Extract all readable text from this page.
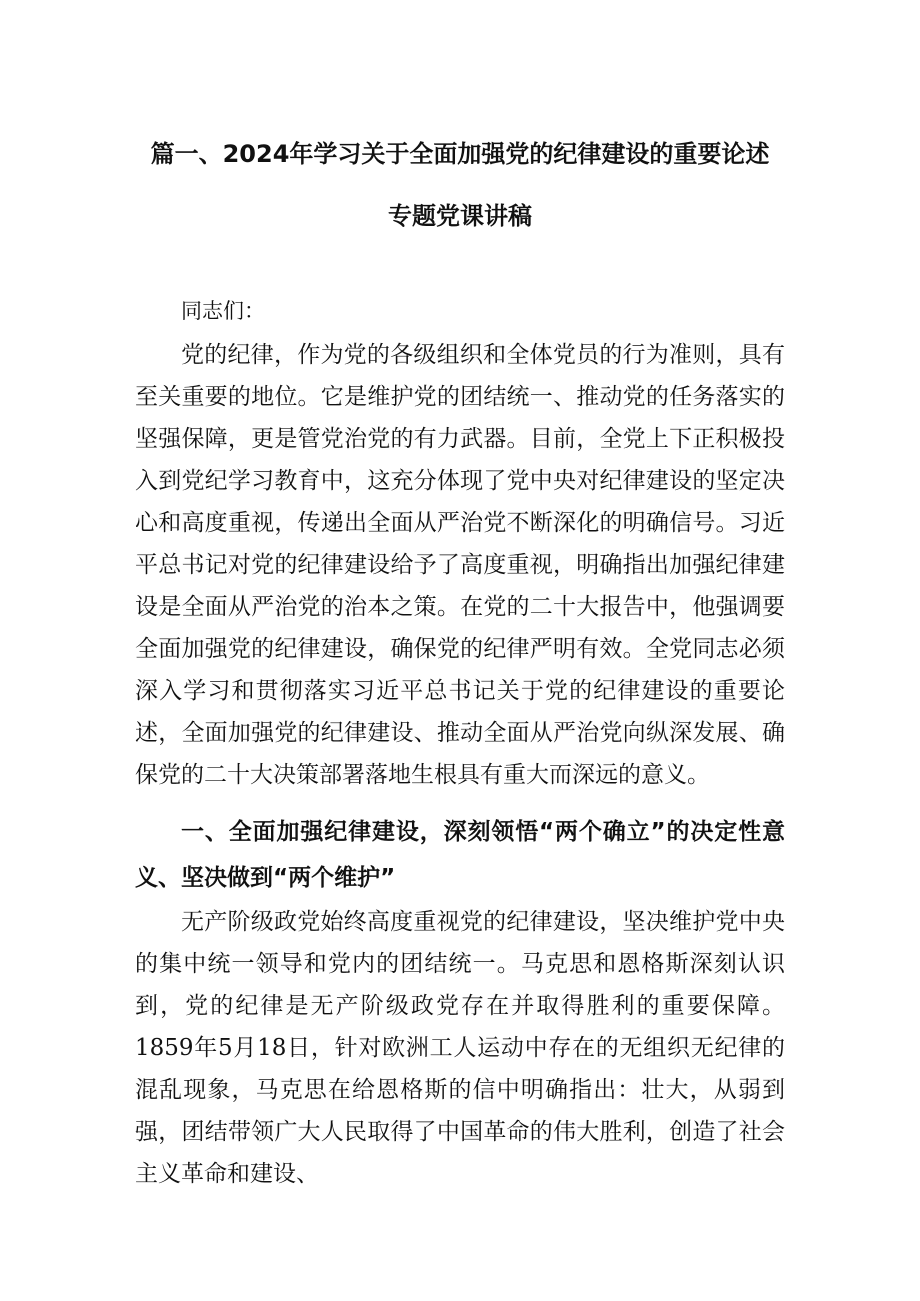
篇一、2024年学习关于全面加强党的纪律建设的重要论述
专题党课讲稿
同志们：

党的纪律，作为党的各级组织和全体党员的行为准则，具有至关重要的地位。它是维护党的团结统一、推动党的任务落实的坚强保障，更是管党治党的有力武器。目前，全党上下正积极投入到党纪学习教育中，这充分体现了党中央对纪律建设的坚定决心和高度重视，传递出全面从严治党不断深化的明确信号。习近平总书记对党的纪律建设给予了高度重视，明确指出加强纪律建设是全面从严治党的治本之策。在党的二十大报告中，他强调要全面加强党的纪律建设，确保党的纪律严明有效。全党同志必须深入学习和贯彻落实习近平总书记关于党的纪律建设的重要论述，全面加强党的纪律建设、推动全面从严治党向纵深发展、确保党的二十大决策部署落地生根具有重大而深远的意义。

一、全面加强纪律建设，深刻领悟“两个确立”的决定性意义、坚决做到“两个维护”

无产阶级政党始终高度重视党的纪律建设，坚决维护党中央的集中统一领导和党内的团结统一。马克思和恩格斯深刻认识到，党的纪律是无产阶级政党存在并取得胜利的重要保障。1859年5月18日，针对欧洲工人运动中存在的无组织无纪律的混乱现象，马克思在给恩格斯的信中明确指出：壮大，从弱到强，团结带领广大人民取得了中国革命的伟大胜利，创造了社会主义革命和建设、
